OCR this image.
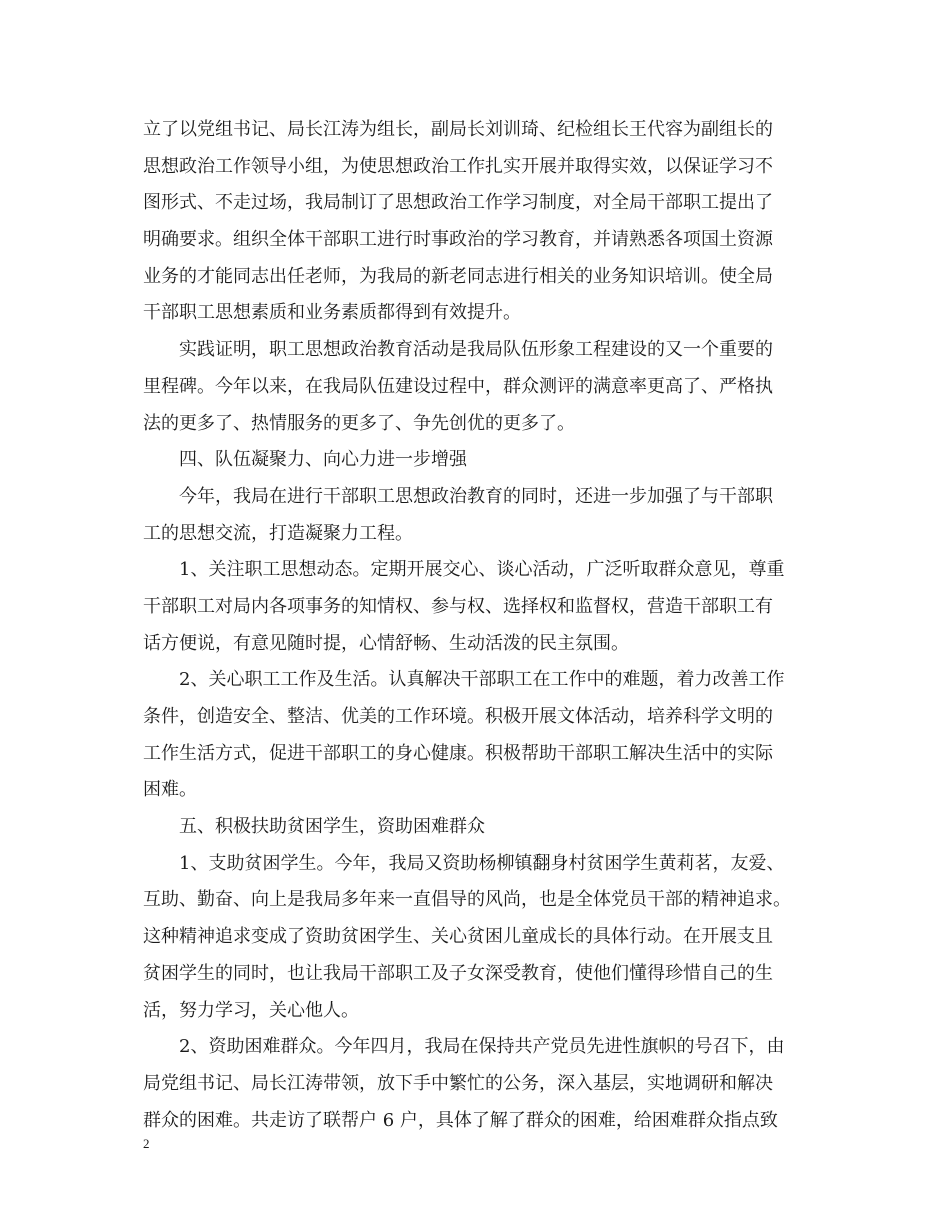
立了以党组书记、局长江涛为组长，副局长刘训琦、纪检组长王代容为副组长的
思想政治工作领导小组，为使思想政治工作扎实开展并取得实效，以保证学习不
图形式、不走过场，我局制订了思想政治工作学习制度，对全局干部职工提出了
明确要求。组织全体干部职工进行时事政治的学习教育，并请熟悉各项国土资源
业务的才能同志出任老师，为我局的新老同志进行相关的业务知识培训。使全局
干部职工思想素质和业务素质都得到有效提升。
实践证明，职工思想政治教育活动是我局队伍形象工程建设的又一个重要的
里程碑。今年以来，在我局队伍建设过程中，群众测评的满意率更高了、严格执
法的更多了、热情服务的更多了、争先创优的更多了。
四、队伍凝聚力、向心力进一步增强
今年，我局在进行干部职工思想政治教育的同时，还进一步加强了与干部职
工的思想交流，打造凝聚力工程。
1、关注职工思想动态。定期开展交心、谈心活动，广泛听取群众意见，尊重
干部职工对局内各项事务的知情权、参与权、选择权和监督权，营造干部职工有
话方便说，有意见随时提，心情舒畅、生动活泼的民主氛围。
2、关心职工工作及生活。认真解决干部职工在工作中的难题，着力改善工作
条件，创造安全、整洁、优美的工作环境。积极开展文体活动，培养科学文明的
工作生活方式，促进干部职工的身心健康。积极帮助干部职工解决生活中的实际
困难。
五、积极扶助贫困学生，资助困难群众
1、支助贫困学生。今年，我局又资助杨柳镇翻身村贫困学生黄莉茗，友爱、
互助、勤奋、向上是我局多年来一直倡导的风尚，也是全体党员干部的精神追求。
这种精神追求变成了资助贫困学生、关心贫困儿童成长的具体行动。在开展支且
贫困学生的同时，也让我局干部职工及子女深受教育，使他们懂得珍惜自己的生
活，努力学习，关心他人。
2、资助困难群众。今年四月，我局在保持共产党员先进性旗帜的号召下，由
局党组书记、局长江涛带领，放下手中繁忙的公务，深入基层，实地调研和解决
群众的困难。共走访了联帮户 6 户，具体了解了群众的困难，给困难群众指点致
2
